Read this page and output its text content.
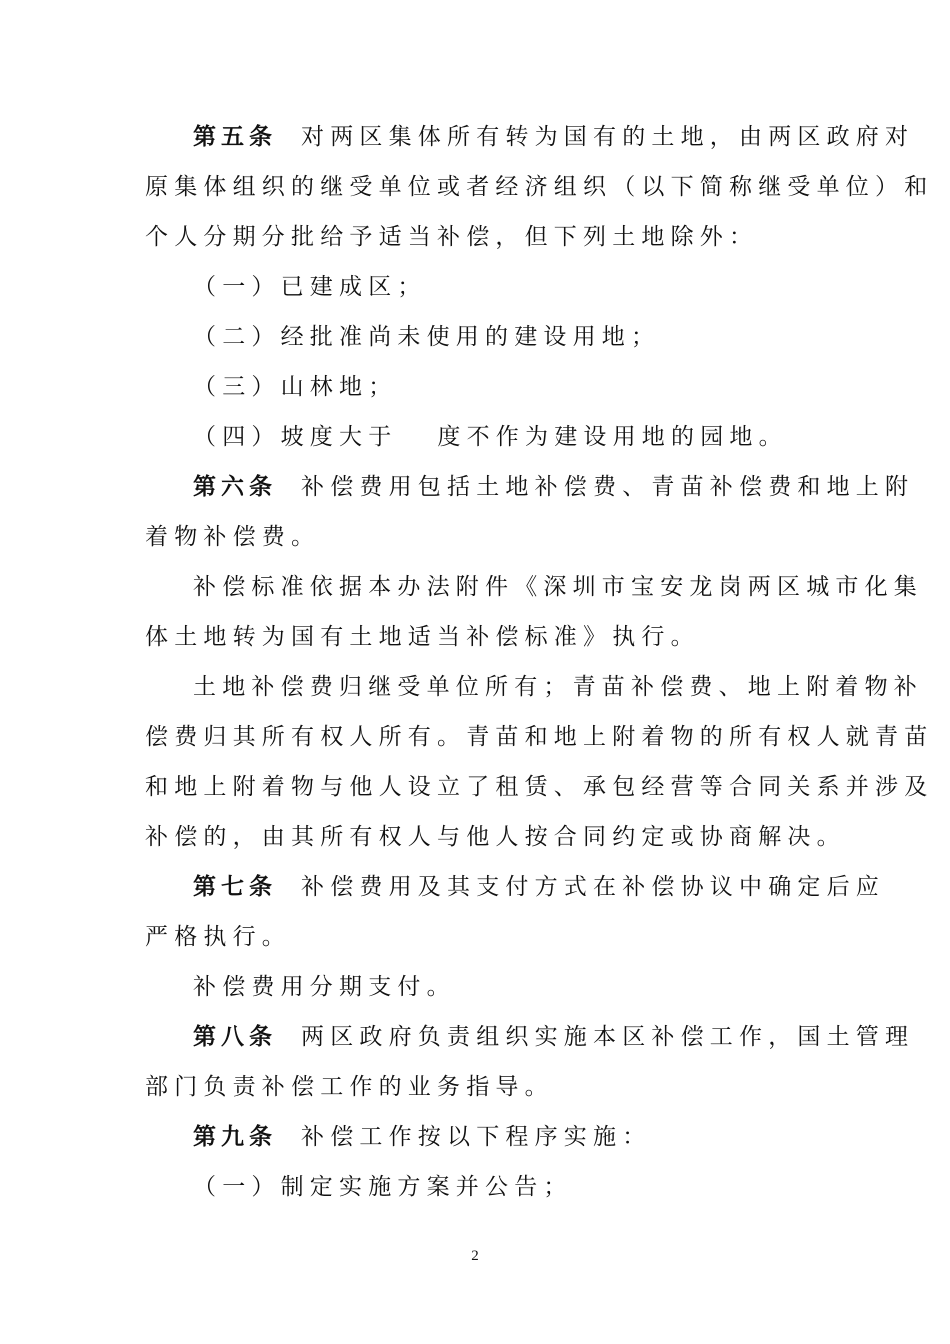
第五条 对两区集体所有转为国有的土地，由两区政府对
原集体组织的继受单位或者经济组织（以下简称继受单位）和
个人分期分批给予适当补偿，但下列土地除外：
（一）已建成区；
（二）经批准尚未使用的建设用地；
（三）山林地；
（四）坡度大于 度不作为建设用地的园地。
第六条 补偿费用包括土地补偿费、青苗补偿费和地上附
着物补偿费。
补偿标准依据本办法附件《深圳市宝安龙岗两区城市化集
体土地转为国有土地适当补偿标准》执行。
土地补偿费归继受单位所有；青苗补偿费、地上附着物补
偿费归其所有权人所有。青苗和地上附着物的所有权人就青苗
和地上附着物与他人设立了租赁、承包经营等合同关系并涉及
补偿的，由其所有权人与他人按合同约定或协商解决。
第七条 补偿费用及其支付方式在补偿协议中确定后应
严格执行。
补偿费用分期支付。
第八条 两区政府负责组织实施本区补偿工作，国土管理
部门负责补偿工作的业务指导。
第九条 补偿工作按以下程序实施：
（一）制定实施方案并公告；
2
